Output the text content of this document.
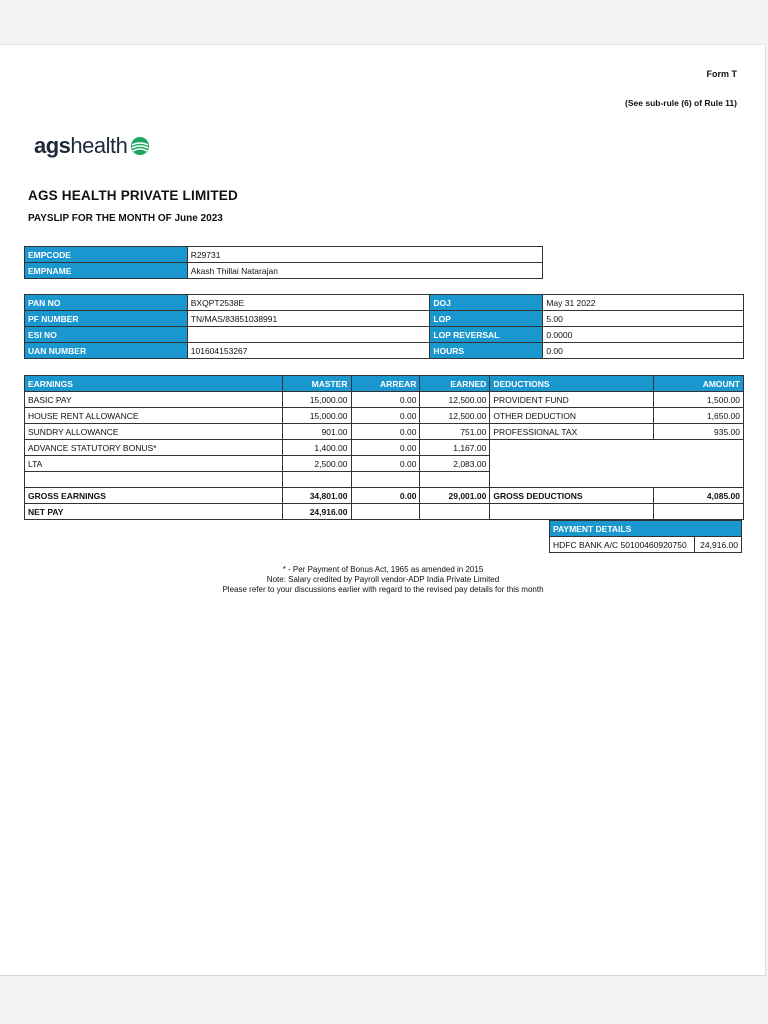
Form T
(See sub-rule (6) of Rule 11)
ags health
AGS HEALTH PRIVATE LIMITED
PAYSLIP FOR THE MONTH OF June 2023
EMPCODE	R29731
EMPNAME	Akash Thillai Natarajan
PAN NO	BXQPT2538E	DOJ	May 31 2022
PF NUMBER	TN/MAS/83851038991	LOP	5.00
ESI NO		LOP REVERSAL	0.0000
UAN NUMBER	101604153267	HOURS	0.00
EARNINGS	MASTER	ARREAR	EARNED	DEDUCTIONS	AMOUNT
BASIC PAY	15,000.00	0.00	12,500.00	PROVIDENT FUND	1,500.00
HOUSE RENT ALLOWANCE	15,000.00	0.00	12,500.00	OTHER DEDUCTION	1,650.00
SUNDRY ALLOWANCE	901.00	0.00	751.00	PROFESSIONAL TAX	935.00
ADVANCE STATUTORY BONUS*	1,400.00	0.00	1,167.00		
LTA	2,500.00	0.00	2,083.00		

GROSS EARNINGS	34,801.00	0.00	29,001.00	GROSS DEDUCTIONS	4,085.00
NET PAY	24,916.00				
PAYMENT DETAILS
HDFC BANK A/C 50100460920750	24,916.00
* - Per Payment of Bonus Act, 1965 as amended in 2015
Note: Salary credited by Payroll vendor-ADP India Private Limited
Please refer to your discussions earlier with regard to the revised pay details for this month
